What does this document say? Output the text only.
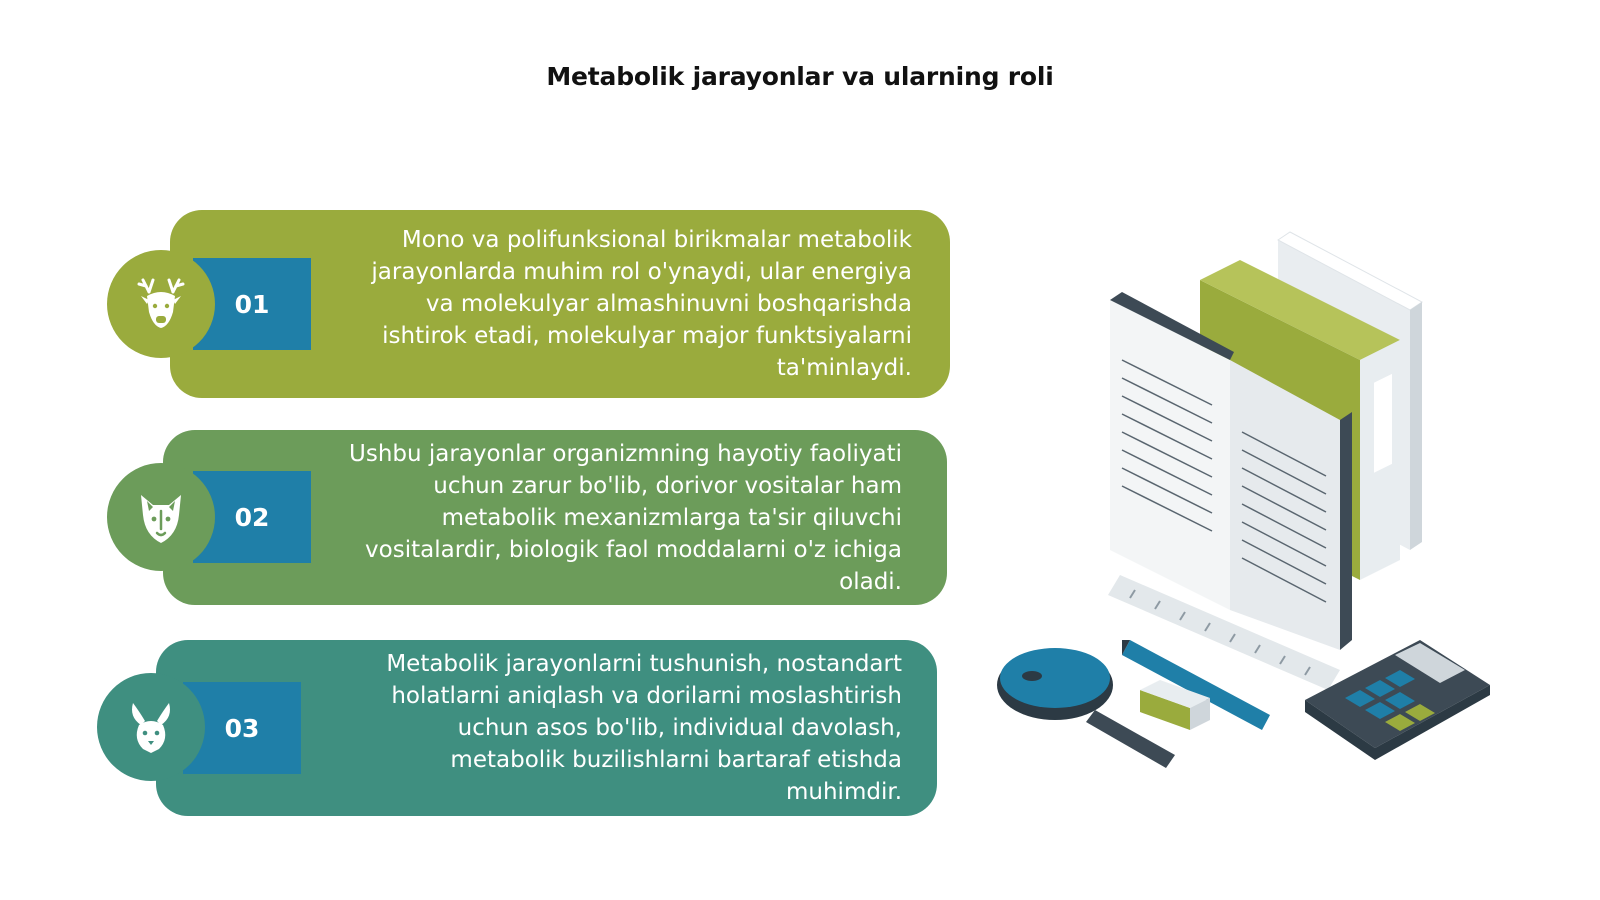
Metabolik jarayonlar va ularning roli
Mono va polifunksional birikmalar metabolik jarayonlarda muhim rol o'ynaydi, ular energiya va molekulyar almashinuvni boshqarishda ishtirok etadi, molekulyar major funktsiyalarni ta'minlaydi.
01
Ushbu jarayonlar organizmning hayotiy faoliyati uchun zarur bo'lib, dorivor vositalar ham metabolik mexanizmlarga ta'sir qiluvchi vositalardir, biologik faol moddalarni o'z ichiga oladi.
02
Metabolik jarayonlarni tushunish, nostandart holatlarni aniqlash va dorilarni moslashtirish uchun asos bo'lib, individual davolash, metabolik buzilishlarni bartaraf etishda muhimdir.
03
